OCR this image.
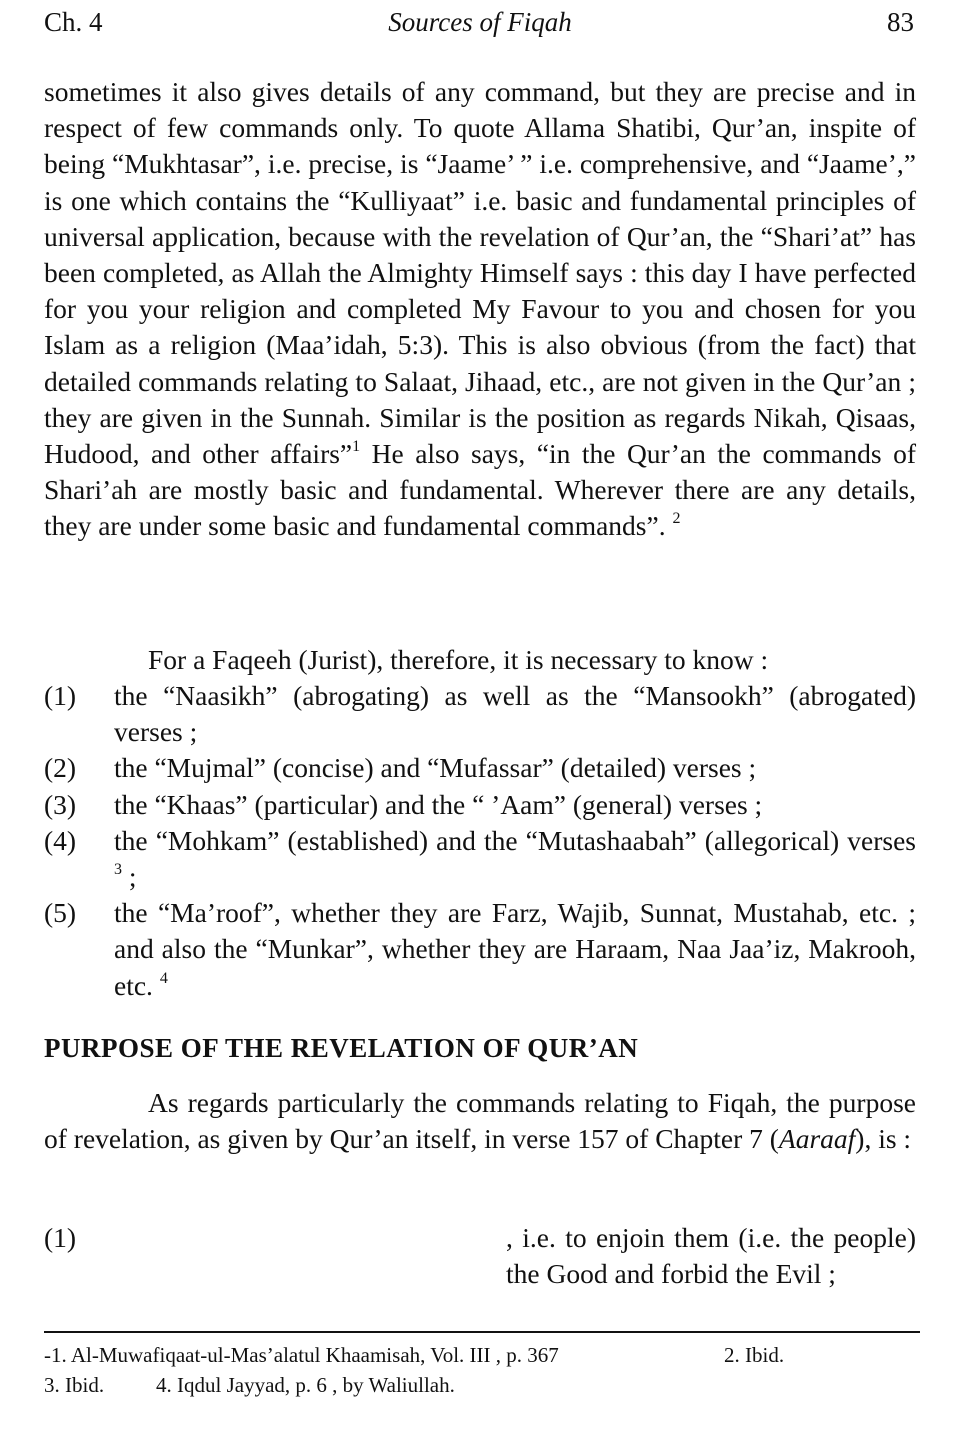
Ch. 4	Sources of Fiqah	83

sometimes it also gives details of any command, but they are precise and in respect of few commands only. To quote Allama Shatibi, Qur’an, inspite of being “Mukhtasar”, i.e. precise, is “Jaame’ ” i.e. comprehensive, and “Jaame’,” is one which contains the “Kulliyaat” i.e. basic and fundamental principles of universal application, because with the revelation of Qur’an, the “Shari’at” has been completed, as Allah the Almighty Himself says : this day I have perfected for you your religion and completed My Favour to you and chosen for you Islam as a religion (Maa’idah, 5:3). This is also obvious (from the fact) that detailed commands relating to Salaat, Jihaad, etc., are not given in the Qur’an ; they are given in the Sunnah. Similar is the position as regards Nikah, Qisaas, Hudood, and other affairs”$^1$ He also says, “in the Qur’an the commands of Shari’ah are mostly basic and fundamental. Wherever there are any details, they are under some basic and fundamental commands”. $^2$

For a Faqeeh (Jurist), therefore, it is necessary to know :

(1)	the “Naasikh” (abrogating) as well as the “Mansookh” (abrogated) verses ;
(2)	the “Mujmal” (concise) and “Mufassar” (detailed) verses ;
(3)	the “Khaas” (particular) and the “ ’Aam” (general) verses ;
(4)	the “Mohkam” (established) and the “Mutashaabah” (allegorical) verses $^3$ ;
(5)	the “Ma’roof”, whether they are Farz, Wajib, Sunnat, Mustahab, etc. ; and also the “Munkar”, whether they are Haraam, Naa Jaa’iz, Makrooh, etc. $^4$
PURPOSE OF THE REVELATION OF QUR’AN

As regards particularly the commands relating to Fiqah, the purpose of revelation, as given by Qur’an itself, in verse 157 of Chapter 7 (Aaraaf), is :

(1)	, i.e. to enjoin them (i.e. the people) the Good and forbid the Evil ;
-1. Al-Muwafiqaat-ul-Mas’alatul Khaamisah, Vol. III , p. 367	2. Ibid.
3. Ibid. 4. Iqdul Jayyad, p. 6 , by Waliullah.
